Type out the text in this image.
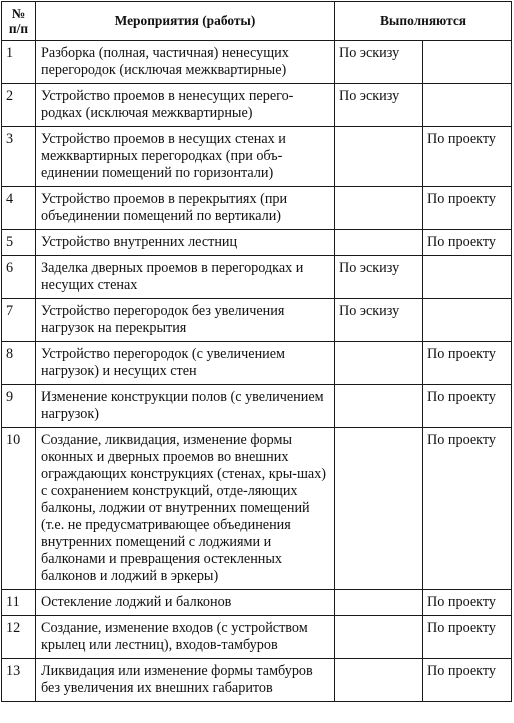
№
п/п	Мероприятия (работы)	Выполняются	
1	Разборка (полная, частичная) ненесущих перегородок (исключая межквартирные)	По эскизу	
2	Устройство проемов в ненесущих перего-родках (исключая межквартирные)	По эскизу	
3	Устройство проемов в несущих стенах и межквартирных перегородках (при объ-единении помещений по горизонтали)		По проекту
4	Устройство проемов в перекрытиях (при объединении помещений по вертикали)		По проекту
5	Устройство внутренних лестниц		По проекту
6	Заделка дверных проемов в перегородках и несущих стенах	По эскизу	
7	Устройство перегородок без увеличения нагрузок на перекрытия	По эскизу	
8	Устройство перегородок (с увеличением нагрузок) и несущих стен		По проекту
9	Изменение конструкции полов (с увеличением нагрузок)		По проекту
10	Создание, ликвидация, изменение формы оконных и дверных проемов во внешних ограждающих конструкциях (стенах, кры-шах) с сохранением конструкций, отде-ляющих балконы, лоджии от внутренних помещений (т.е. не предусматривающее объединения внутренних помещений с лоджиями и балконами и превращения остекленных балконов и лоджий в эркеры)		По проекту
11	Остекление лоджий и балконов		По проекту
12	Создание, изменение входов (с устройством крылец или лестниц), входов-тамбуров		По проекту
13	Ликвидация или изменение формы тамбуров без увеличения их внешних габаритов		По проекту
